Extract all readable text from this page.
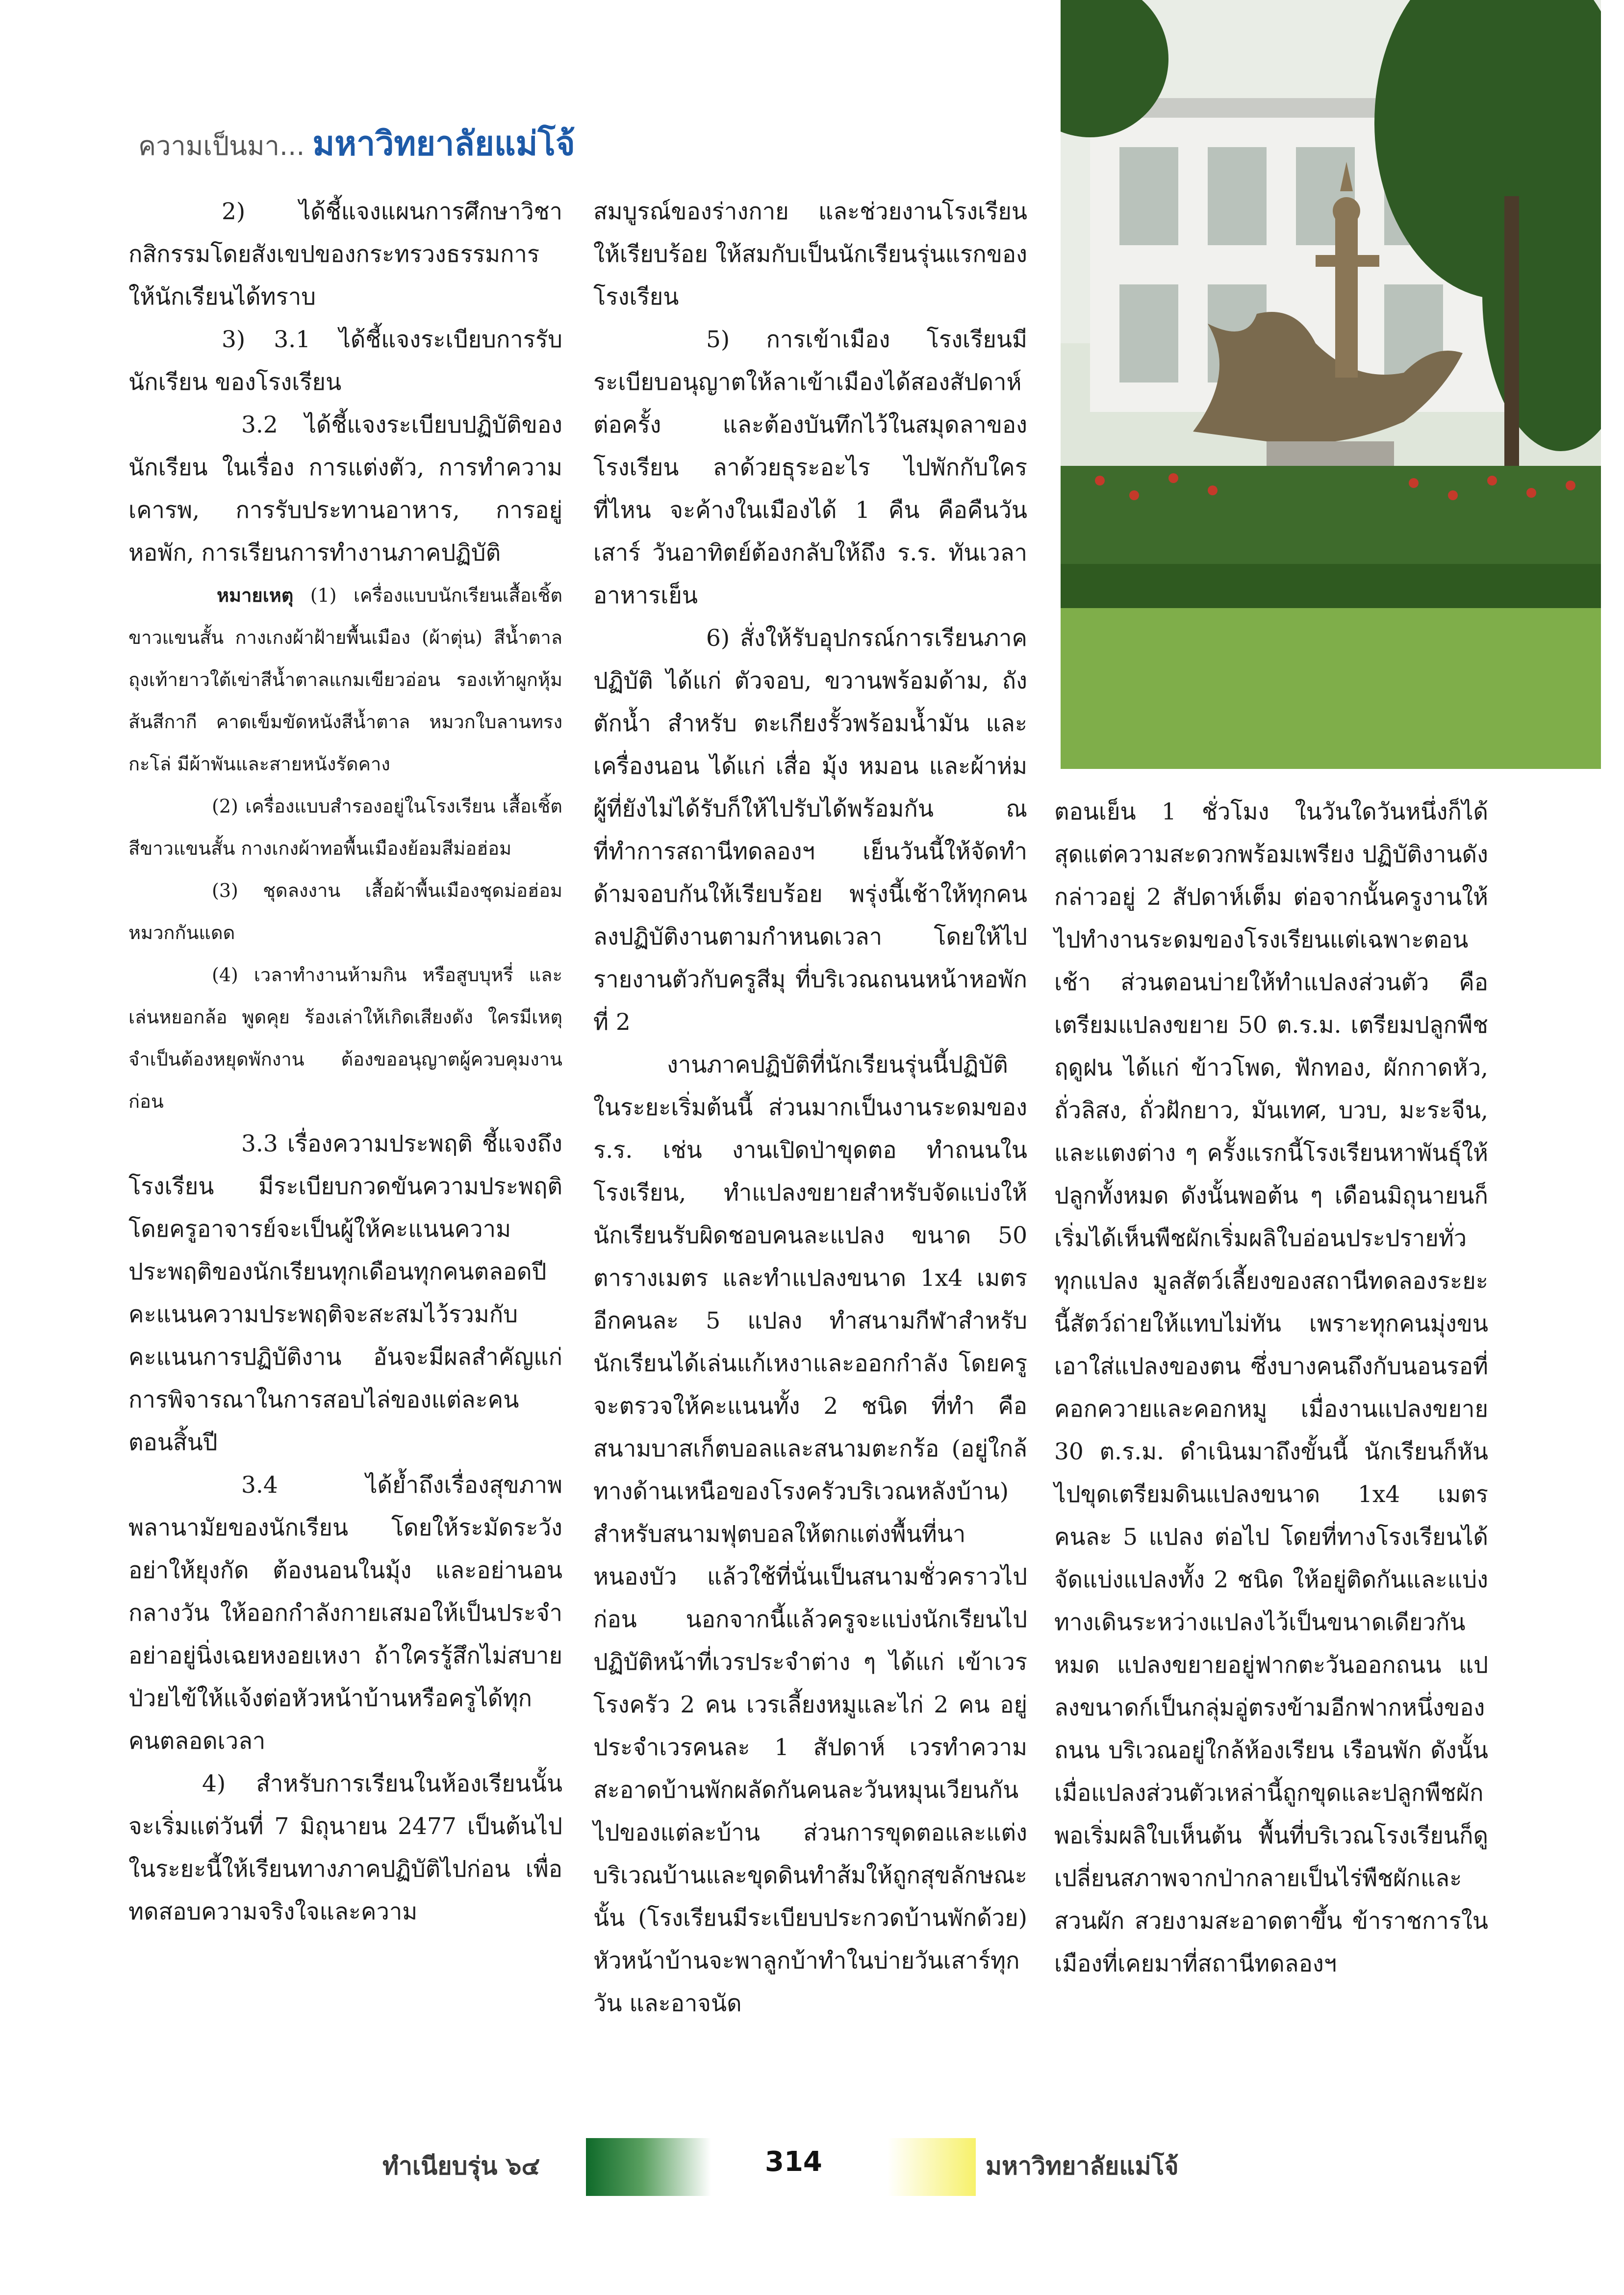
ความเป็นมา... มหาวิทยาลัยแม่โจ้

2) ได้ชี้แจงแผนการศึกษาวิชากสิกรรมโดยสังเขปของกระทรวงธรรมการให้นักเรียนได้ทราบ

3) 3.1 ได้ชี้แจงระเบียบการรับนักเรียน ของโรงเรียน

3.2 ได้ชี้แจงระเบียบปฏิบัติของนักเรียน ในเรื่อง การแต่งตัว, การทำความเคารพ, การรับประทานอาหาร, การอยู่หอพัก, การเรียนการทำงานภาคปฏิบัติ

หมายเหตุ (1) เครื่องแบบนักเรียนเสื้อเชิ้ตขาวแขนสั้น กางเกงผ้าฝ้ายพื้นเมือง (ผ้าตุ่น) สีน้ำตาล ถุงเท้ายาวใต้เข่าสีน้ำตาลแกมเขียวอ่อน รองเท้าผูกหุ้มส้นสีกากี คาดเข็มขัดหนังสีน้ำตาล หมวกใบลานทรงกะโล่ มีผ้าพันและสายหนังรัดคาง

(2) เครื่องแบบสำรองอยู่ในโรงเรียน เสื้อเชิ้ตสีขาวแขนสั้น กางเกงผ้าทอพื้นเมืองย้อมสีม่อฮ่อม

(3) ชุดลงงาน เสื้อผ้าพื้นเมืองชุดม่อฮ่อม หมวกกันแดด

(4) เวลาทำงานห้ามกิน หรือสูบบุหรี่ และเล่นหยอกล้อ พูดคุย ร้องเล่าให้เกิดเสียงดัง ใครมีเหตุจำเป็นต้องหยุดพักงาน ต้องขออนุญาตผู้ควบคุมงานก่อน

3.3 เรื่องความประพฤติ ชี้แจงถึงโรงเรียน มีระเบียบกวดขันความประพฤติ โดยครูอาจารย์จะเป็นผู้ให้คะแนนความประพฤติของนักเรียนทุกเดือนทุกคนตลอดปี คะแนนความประพฤติจะสะสมไว้รวมกับคะแนนการปฏิบัติงาน อันจะมีผลสำคัญแก่การพิจารณาในการสอบไล่ของแต่ละคนตอนสิ้นปี

3.4 ได้ย้ำถึงเรื่องสุขภาพพลานามัยของนักเรียน โดยให้ระมัดระวังอย่าให้ยุงกัด ต้องนอนในมุ้ง และอย่านอนกลางวัน ให้ออกกำลังกายเสมอให้เป็นประจำ อย่าอยู่นิ่งเฉยหงอยเหงา ถ้าใครรู้สึกไม่สบายป่วยไข้ให้แจ้งต่อหัวหน้าบ้านหรือครูได้ทุกคนตลอดเวลา

4) สำหรับการเรียนในห้องเรียนนั้น จะเริ่มแต่วันที่ 7 มิถุนายน 2477 เป็นต้นไป ในระยะนี้ให้เรียนทางภาคปฏิบัติไปก่อน เพื่อทดสอบความจริงใจและความ

สมบูรณ์ของร่างกาย และช่วยงานโรงเรียนให้เรียบร้อย ให้สมกับเป็นนักเรียนรุ่นแรกของโรงเรียน

5) การเข้าเมือง โรงเรียนมีระเบียบอนุญาตให้ลาเข้าเมืองได้สองสัปดาห์ต่อครั้ง และต้องบันทึกไว้ในสมุดลาของโรงเรียน ลาด้วยธุระอะไร ไปพักกับใครที่ไหน จะค้างในเมืองได้ 1 คืน คือคืนวันเสาร์ วันอาทิตย์ต้องกลับให้ถึง ร.ร. ทันเวลาอาหารเย็น

6) สั่งให้รับอุปกรณ์การเรียนภาคปฏิบัติ ได้แก่ ตัวจอบ, ขวานพร้อมด้าม, ถังตักน้ำ สำหรับ ตะเกียงรั้วพร้อมน้ำมัน และเครื่องนอน ได้แก่ เสื่อ มุ้ง หมอน และผ้าห่ม ผู้ที่ยังไม่ได้รับก็ให้ไปรับได้พร้อมกัน ณ ที่ทำการสถานีทดลองฯ เย็นวันนี้ให้จัดทำด้ามจอบกันให้เรียบร้อย พรุ่งนี้เช้าให้ทุกคนลงปฏิบัติงานตามกำหนดเวลา โดยให้ไปรายงานตัวกับครูสีมุ ที่บริเวณถนนหน้าหอพักที่ 2

งานภาคปฏิบัติที่นักเรียนรุ่นนี้ปฏิบัติในระยะเริ่มต้นนี้ ส่วนมากเป็นงานระดมของ ร.ร. เช่น งานเปิดป่าขุดตอ ทำถนนในโรงเรียน, ทำแปลงขยายสำหรับจัดแบ่งให้นักเรียนรับผิดชอบคนละแปลง ขนาด 50 ตารางเมตร และทำแปลงขนาด 1x4 เมตร อีกคนละ 5 แปลง ทำสนามกีฬาสำหรับนักเรียนได้เล่นแก้เหงาและออกกำลัง โดยครูจะตรวจให้คะแนนทั้ง 2 ชนิด ที่ทำ คือ สนามบาสเก็ตบอลและสนามตะกร้อ (อยู่ใกล้ทางด้านเหนือของโรงครัวบริเวณหลังบ้าน) สำหรับสนามฟุตบอลให้ตกแต่งพื้นที่นาหนองบัว แล้วใช้ที่นั่นเป็นสนามชั่วคราวไปก่อน นอกจากนี้แล้วครูจะแบ่งนักเรียนไปปฏิบัติหน้าที่เวรประจำต่าง ๆ ได้แก่ เข้าเวรโรงครัว 2 คน เวรเลี้ยงหมูและไก่ 2 คน อยู่ประจำเวรคนละ 1 สัปดาห์ เวรทำความสะอาดบ้านพักผลัดกันคนละวันหมุนเวียนกันไปของแต่ละบ้าน ส่วนการขุดตอและแต่งบริเวณบ้านและขุดดินทำส้มให้ถูกสุขลักษณะนั้น (โรงเรียนมีระเบียบประกวดบ้านพักด้วย) หัวหน้าบ้านจะพาลูกบ้าทำในบ่ายวันเสาร์ทุกวัน และอาจนัด

ตอนเย็น 1 ชั่วโมง ในวันใดวันหนึ่งก็ได้ สุดแต่ความสะดวกพร้อมเพรียง ปฏิบัติงานดังกล่าวอยู่ 2 สัปดาห์เต็ม ต่อจากนั้นครูงานให้ไปทำงานระดมของโรงเรียนแต่เฉพาะตอนเช้า ส่วนตอนบ่ายให้ทำแปลงส่วนตัว คือเตรียมแปลงขยาย 50 ต.ร.ม. เตรียมปลูกพืชฤดูฝน ได้แก่ ข้าวโพด, ฟักทอง, ผักกาดหัว, ถั่วลิสง, ถั่วฝักยาว, มันเทศ, บวบ, มะระจีน, และแตงต่าง ๆ ครั้งแรกนี้โรงเรียนหาพันธุ์ให้ปลูกทั้งหมด ดังนั้นพอต้น ๆ เดือนมิถุนายนก็เริ่มได้เห็นพืชผักเริ่มผลิใบอ่อนประปรายทั่วทุกแปลง มูลสัตว์เลี้ยงของสถานีทดลองระยะนี้สัตว์ถ่ายให้แทบไม่ทัน เพราะทุกคนมุ่งขนเอาใส่แปลงของตน ซึ่งบางคนถึงกับนอนรอที่คอกควายและคอกหมู เมื่องานแปลงขยาย 30 ต.ร.ม. ดำเนินมาถึงขั้นนี้ นักเรียนก็หันไปขุดเตรียมดินแปลงขนาด 1x4 เมตร คนละ 5 แปลง ต่อไป โดยที่ทางโรงเรียนได้จัดแบ่งแปลงทั้ง 2 ชนิด ให้อยู่ติดกันและแบ่งทางเดินระหว่างแปลงไว้เป็นขนาดเดียวกันหมด แปลงขยายอยู่ฟากตะวันออกถนน แปลงขนาดก์เป็นกลุ่มอู่ตรงข้ามอีกฟากหนึ่งของถนน บริเวณอยู่ใกล้ห้องเรียน เรือนพัก ดังนั้นเมื่อแปลงส่วนตัวเหล่านี้ถูกขุดและปลูกพืชผักพอเริ่มผลิใบเห็นต้น พื้นที่บริเวณโรงเรียนก็ดูเปลี่ยนสภาพจากป่ากลายเป็นไร่พืชผักและสวนผัก สวยงามสะอาดตาขึ้น ข้าราชการในเมืองที่เคยมาที่สถานีทดลองฯ

ทำเนียบรุ่น ๖๔	314	มหาวิทยาลัยแม่โจ้
